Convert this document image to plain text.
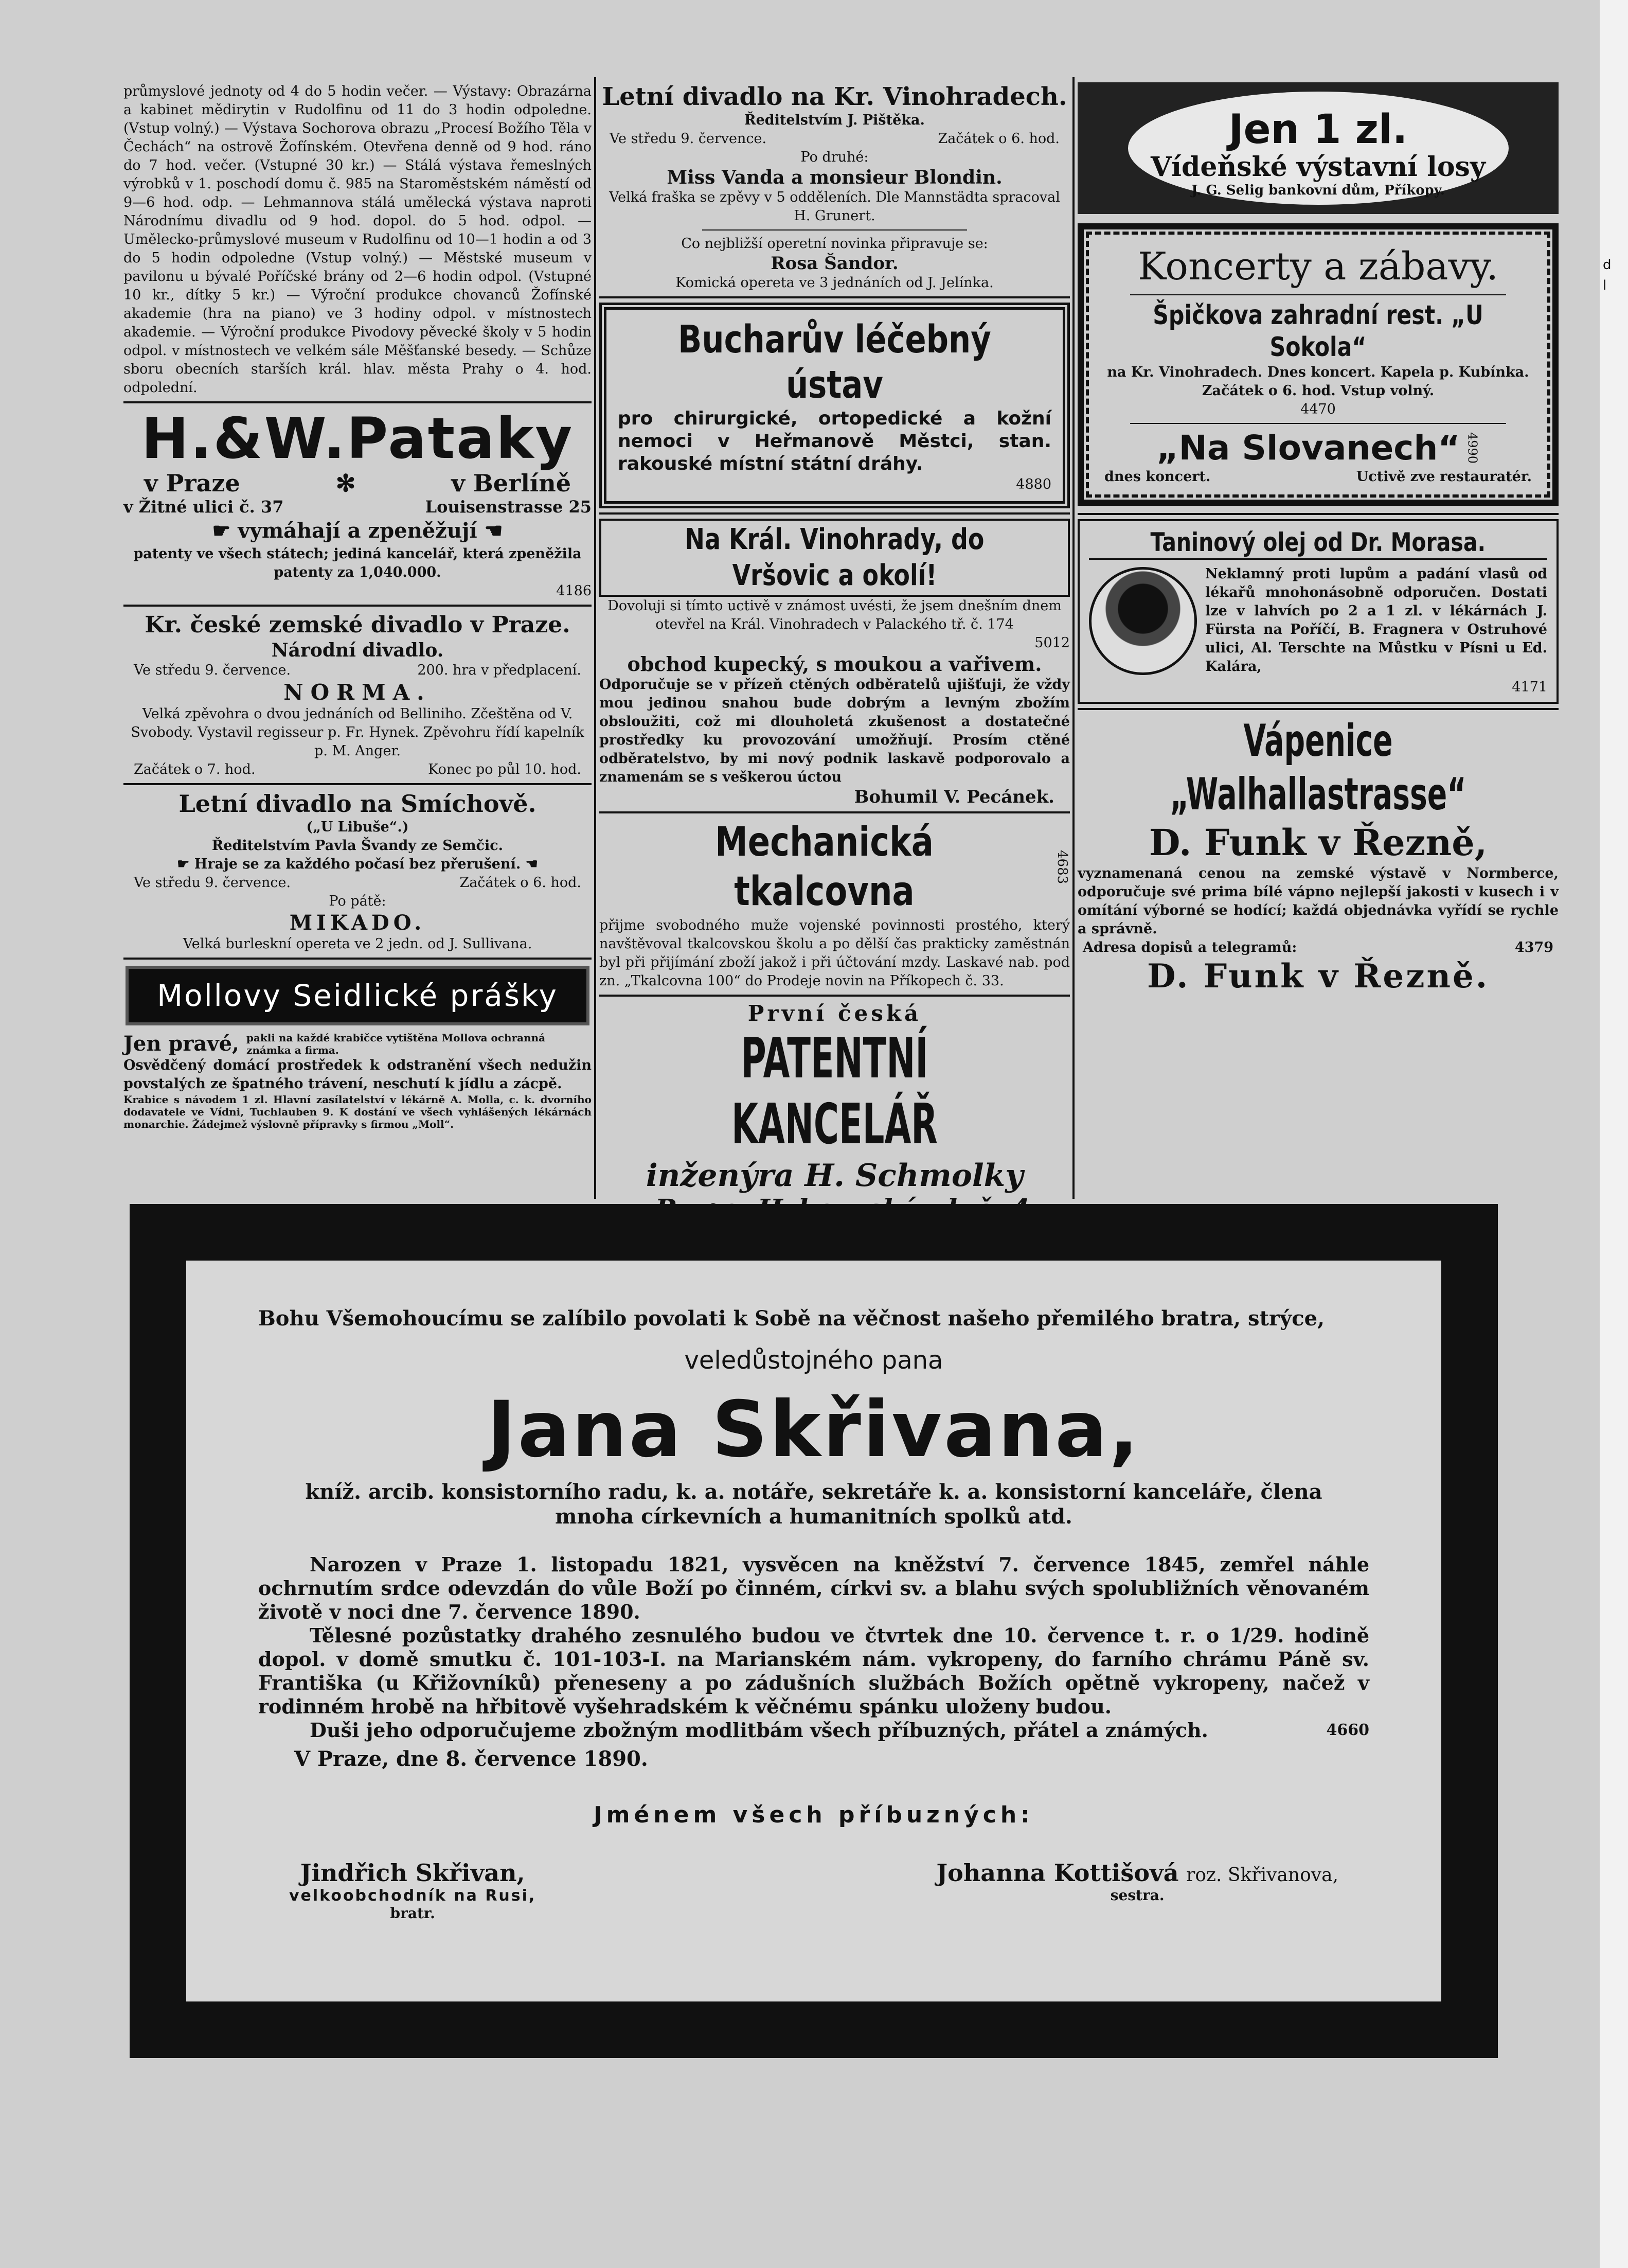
d
l
průmyslové jednoty od 4 do 5 hodin večer. — Výstavy: Obrazárna a kabinet mědirytin v Rudolfinu od 11 do 3 hodin odpoledne. (Vstup volný.) — Výstava Sochorova obrazu „Procesí Božího Těla v Čechách“ na ostrově Žofínském. Otevřena denně od 9 hod. ráno do 7 hod. večer. (Vstupné 30 kr.) — Stálá výstava řemeslných výrobků v 1. poschodí domu č. 985 na Staroměstském náměstí od 9—6 hod. odp. — Lehmannova stálá umělecká výstava naproti Národnímu divadlu od 9 hod. dopol. do 5 hod. odpol. — Umělecko-průmyslové museum v Rudolfinu od 10—1 hodin a od 3 do 5 hodin odpoledne (Vstup volný.) — Městské museum v pavilonu u bývalé Poříčské brány od 2—6 hodin odpol. (Vstupné 10 kr., dítky 5 kr.) — Výroční produkce chovanců Žofínské akademie (hra na piano) ve 3 hodiny odpol. v místnostech akademie. — Výroční produkce Pivodovy pěvecké školy v 5 hodin odpol. v místnostech ve velkém sále Měšťanské besedy. — Schůze sboru obecních starších král. hlav. města Prahy o 4. hod. odpolední.
H.&W.Pataky
v Praze	✻	v Berlíně
v Žitné ulici č. 37	Louisenstrasse 25
☛ vymáhají a zpeněžují ☚
patenty ve všech státech; jediná kancelář, která zpeněžila patenty za 1,040.000.
4186
Kr. české zemské divadlo v Praze.
Národní divadlo.
Ve středu 9. července.	200. hra v předplacení.
NORMA.
Velká zpěvohra o dvou jednáních od Belliniho. Zčeštěna od V. Svobody. Vystavil regisseur p. Fr. Hynek. Zpěvohru řídí kapelník p. M. Anger.
Začátek o 7. hod.	Konec po půl 10. hod.
Letní divadlo na Smíchově.
(„U Libuše“.)
Ředitelstvím Pavla Švandy ze Semčic.
☛ Hraje se za každého počasí bez přerušení. ☚
Ve středu 9. července.	Začátek o 6. hod.
Po pátě:
MIKADO.
Velká burleskní opereta ve 2 jedn. od J. Sullivana.
Mollovy Seidlické prášky
Jen pravé, pakli na každé krabičce vytištěna Mollova ochranná známka a firma.
Osvědčený domácí prostředek k odstranění všech nedužin povstalých ze špatného trávení, neschutí k jídlu a zácpě.
Krabice s návodem 1 zl. Hlavní zasílatelství v lékárně A. Molla, c. k. dvorního dodavatele ve Vídni, Tuchlauben 9. K dostání ve všech vyhlášených lékárnách monarchie. Žádejmež výslovně přípravky s firmou „Moll“.
Letní divadlo na Kr. Vinohradech.
Ředitelstvím J. Pištěka.
Ve středu 9. července.	Začátek o 6. hod.
Po druhé:
Miss Vanda a monsieur Blondin.
Velká fraška se zpěvy v 5 odděleních. Dle Mannstädta spracoval H. Grunert.
Co nejbližší operetní novinka připravuje se:
Rosa Šandor.
Komická opereta ve 3 jednáních od J. Jelínka.
Bucharův léčebný ústav
pro chirurgické, ortopedické a kožní nemoci v Heřmanově Městci, stan. rakouské místní státní dráhy.
4880
Na Král. Vinohrady, do Vršovic a okolí!
Dovoluji si tímto uctivě v známost uvésti, že jsem dnešním dnem otevřel na Král. Vinohradech v Palackého tř. č. 174
5012
obchod kupecký, s moukou a vařivem.
Odporučuje se v přízeň ctěných odběratelů ujišťuji, že vždy mou jedinou snahou bude dobrým a levným zbožím obsloužiti, což mi dlouholetá zkušenost a dostatečné prostředky ku provozování umožňují. Prosím ctěné odběratelstvo, by mi nový podnik laskavě podporovalo a znamenám se s veškerou úctou
Bohumil V. Pecánek.
Mechanická tkalcovna
4683
přijme svobodného muže vojenské povinnosti prostého, který navštěvoval tkalcovskou školu a po dělší čas prakticky zaměstnán byl při přijímání zboží jakož i při účtování mzdy. Laskavé nab. pod zn. „Tkalcovna 100“ do Prodeje novin na Příkopech č. 33.
První česká
PATENTNÍ KANCELÁŘ
inženýra H. Schmolky
Jen 1 zl.
Vídeňské výstavní losy
J. G. Selig bankovní dům, Příkopy.
Koncerty a zábavy.
Špičkova zahradní rest. „U Sokola“
na Kr. Vinohradech. Dnes koncert. Kapela p. Kubínka. Začátek o 6. hod. Vstup volný.
4470
„Na Slovanech“ 4990
dnes koncert.	Uctivě zve restauratér.
Taninový olej od Dr. Morasa.
Neklamný proti lupům a padání vlasů od lékařů mnohonásobně odporučen. Dostati lze v lahvích po 2 a 1 zl. v lékárnách J. Fürsta na Poříčí, B. Fragnera v Ostruhové ulici, Al. Terschte na Můstku v Písni u Ed. Kalára,
4171
Vápenice „Walhallastrasse“
D. Funk v Řezně,
vyznamenaná cenou na zemské výstavě v Normberce, odporučuje své prima bílé vápno nejlepší jakosti v kusech i v omítání výborné se hodící; každá objednávka vyřídí se rychle a správně.
Adresa dopisů a telegramů:	4379
D. Funk v Řezně.
Bohu Všemohoucímu se zalíbilo povolati k Sobě na věčnost našeho přemilého bratra, strýce,
veledůstojného pana
Jana Skřivana,
kníž. arcib. konsistorního radu, k. a. notáře, sekretáře k. a. konsistorní kanceláře, člena mnoha církevních a humanitních spolků atd.
Narozen v Praze 1. listopadu 1821, vysvěcen na kněžství 7. července 1845, zemřel náhle ochrnutím srdce odevzdán do vůle Boží po činném, církvi sv. a blahu svých spolubližních věnovaném životě v noci dne 7. července 1890.
Tělesné pozůstatky drahého zesnulého budou ve čtvrtek dne 10. července t. r. o 1/29. hodině dopol. v domě smutku č. 101-103-I. na Marianském nám. vykropeny, do farního chrámu Páně sv. Františka (u Křižovníků) přeneseny a po zádušních službách Božích opětně vykropeny, načež v rodinném hrobě na hřbitově vyšehradském k věčnému spánku uloženy budou.
Duši jeho odporučujeme zbožným modlitbám všech příbuzných, přátel a známých.	4660
V Praze, dne 8. července 1890.
Jménem všech příbuzných:
Jindřich Skřivan,
velkoobchodník na Rusi,
bratr.
Johanna Kottišová roz. Skřivanova,
sestra.
